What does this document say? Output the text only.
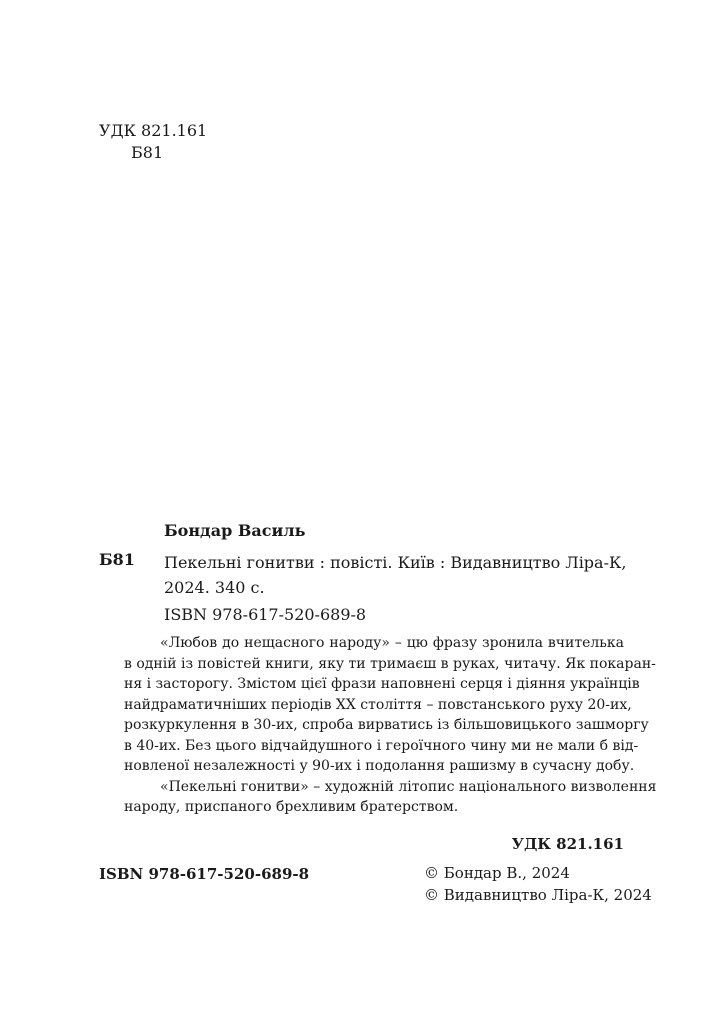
УДК 821.161
Б81
Бондар Василь
Б81 Пекельні гонитви : повісті. Київ : Видавництво Ліра-К,
2024. 340 с.
ISBN 978-617-520-689-8
«Любов до нещасного народу» – цю фразу зронила вчителька
в одній із повістей книги, яку ти тримаєш в руках, читачу. Як покаран-
ня і засторогу. Змістом цієї фрази наповнені серця і діяння українців
найдраматичніших періодів ХХ століття – повстанського руху 20-их,
розкуркулення в 30-их, спроба вирватись із більшовицького зашморгу
в 40-их. Без цього відчайдушного і героїчного чину ми не мали б від-
новленої незалежності у 90-их і подолання рашизму в сучасну добу.
«Пекельні гонитви» – художній літопис національного визволення
народу, приспаного брехливим братерством.
УДК 821.161
ISBN 978-617-520-689-8	© Бондар В., 2024
© Видавництво Ліра-К, 2024
